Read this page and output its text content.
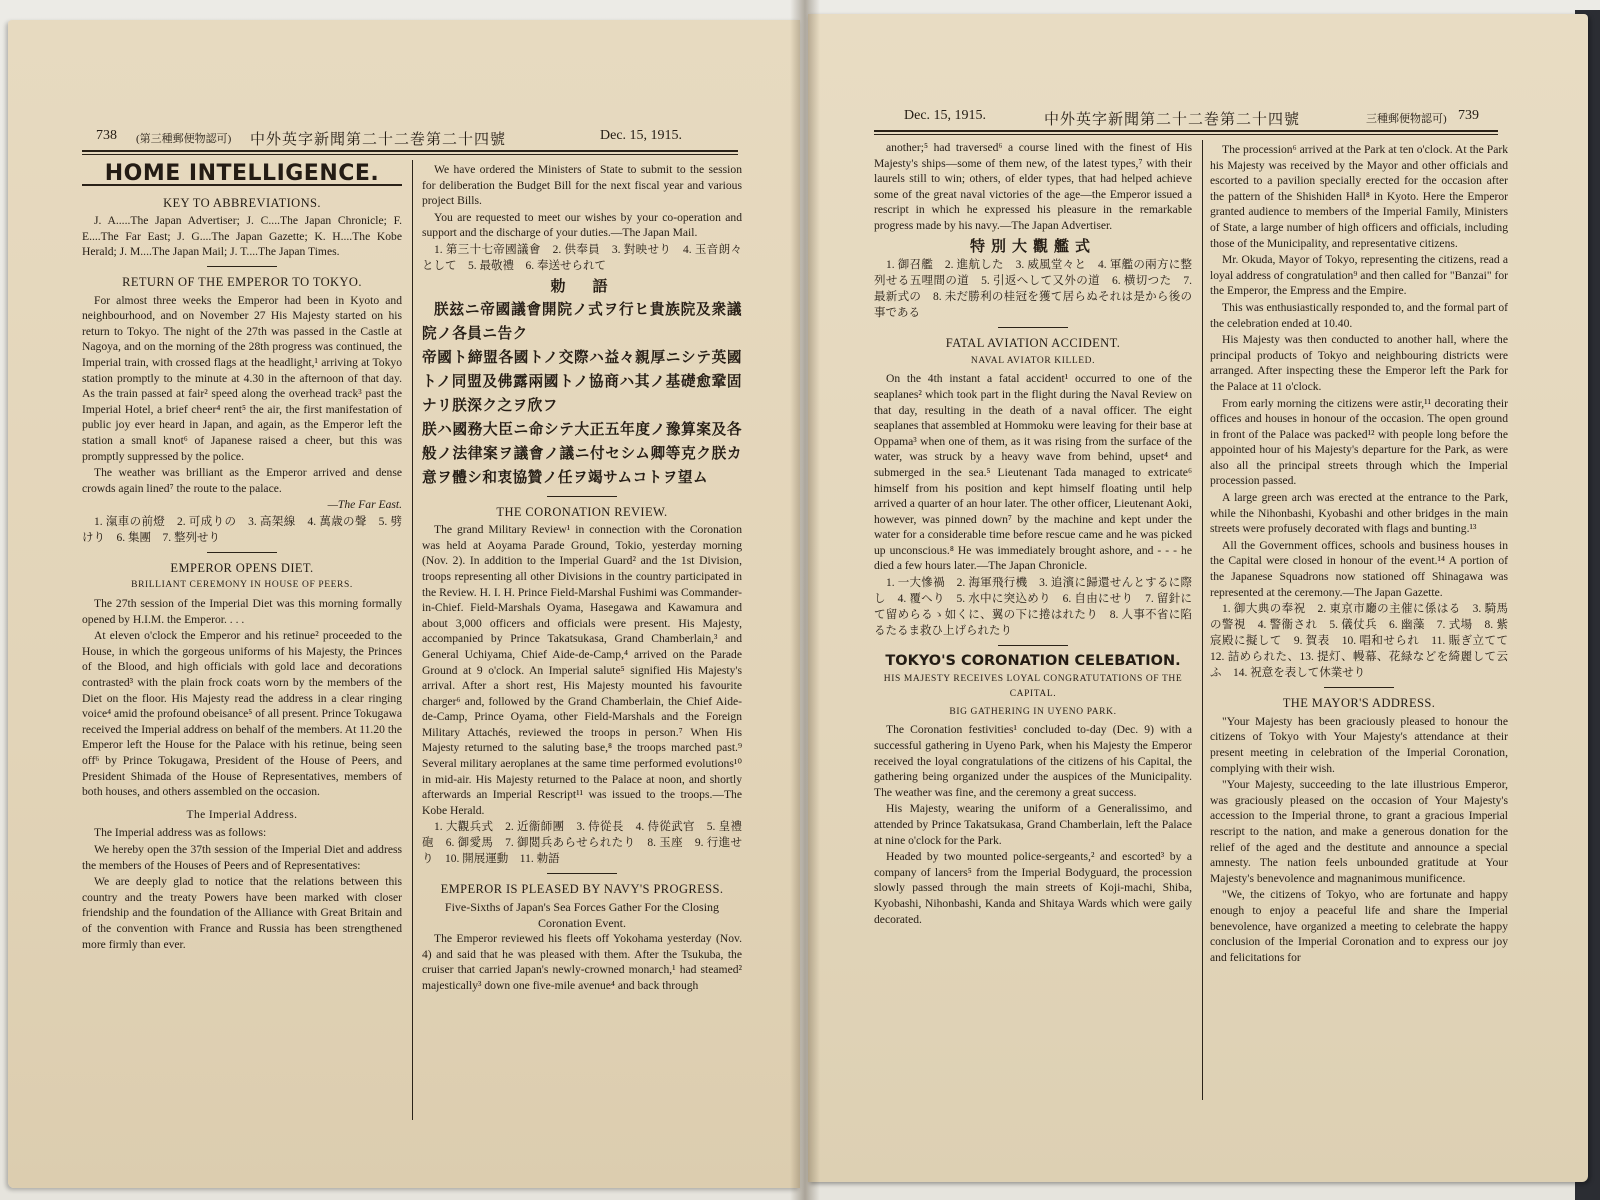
738 (第三種郵便物認可) 中外英字新聞第二十二巻第二十四號	Dec. 15, 1915.
HOME INTELLIGENCE.
KEY TO ABBREVIATIONS.

J. A.....The Japan Advertiser; J. C....The Japan Chronicle; F. E....The Far East; J. G....The Japan Gazette; K. H....The Kobe Herald; J. M....The Japan Mail; J. T....The Japan Times.

RETURN OF THE EMPEROR TO TOKYO.

For almost three weeks the Emperor had been in Kyoto and neighbourhood, and on November 27 His Majesty started on his return to Tokyo. The night of the 27th was passed in the Castle at Nagoya, and on the morning of the 28th progress was continued, the Imperial train, with crossed flags at the headlight,¹ arriving at Tokyo station promptly to the minute at 4.30 in the afternoon of that day. As the train passed at fair² speed along the overhead track³ past the Imperial Hotel, a brief cheer⁴ rent⁵ the air, the first manifestation of public joy ever heard in Japan, and again, as the Emperor left the station a small knot⁶ of Japanese raised a cheer, but this was promptly suppressed by the police.

The weather was brilliant as the Emperor arrived and dense crowds again lined⁷ the route to the palace.

—The Far East.

1. 滊車の前燈　2. 可成りの　3. 高架線　4. 萬歳の聲　5. 劈けり　6. 集團　7. 整列せり

EMPEROR OPENS DIET.
BRILLIANT CEREMONY IN HOUSE OF PEERS.

The 27th session of the Imperial Diet was this morning formally opened by H.I.M. the Emperor. . . .

At eleven o'clock the Emperor and his retinue² proceeded to the House, in which the gorgeous uniforms of his Majesty, the Princes of the Blood, and high officials with gold lace and decorations contrasted³ with the plain frock coats worn by the members of the Diet on the floor. His Majesty read the address in a clear ringing voice⁴ amid the profound obeisance⁵ of all present. Prince Tokugawa received the Imperial address on behalf of the members. At 11.20 the Emperor left the House for the Palace with his retinue, being seen off⁶ by Prince Tokugawa, President of the House of Peers, and President Shimada of the House of Representatives, members of both houses, and others assembled on the occasion.

The Imperial Address.

The Imperial address was as follows:

We hereby open the 37th session of the Imperial Diet and address the members of the Houses of Peers and of Representatives:

We are deeply glad to notice that the relations between this country and the treaty Powers have been marked with closer friendship and the foundation of the Alliance with Great Britain and of the convention with France and Russia has been strengthened more firmly than ever.

We have ordered the Ministers of State to submit to the session for deliberation the Budget Bill for the next fiscal year and various project Bills.

You are requested to meet our wishes by your co-operation and support and the discharge of your duties.—The Japan Mail.

1. 第三十七帝國議會　2. 供奉員　3. 對映せり　4. 玉音朗々として　5. 最敬禮　6. 奉送せられて

勅　語

朕玆ニ帝國議會開院ノ式ヲ行ヒ貴族院及衆議院ノ各員ニ告ク
帝國ト締盟各國トノ交際ハ益々親厚ニシテ英國トノ同盟及佛露兩國トノ協商ハ其ノ基礎愈鞏固ナリ朕深ク之ヲ欣フ
朕ハ國務大臣ニ命シテ大正五年度ノ豫算案及各般ノ法律案ヲ議會ノ議ニ付セシム卿等克ク朕カ意ヲ體シ和衷協贊ノ任ヲ竭サムコトヲ望ム

THE CORONATION REVIEW.

The grand Military Review¹ in connection with the Coronation was held at Aoyama Parade Ground, Tokio, yesterday morning (Nov. 2). In addition to the Imperial Guard² and the 1st Division, troops representing all other Divisions in the country participated in the Review. H. I. H. Prince Field-Marshal Fushimi was Commander-in-Chief. Field-Marshals Oyama, Hasegawa and Kawamura and about 3,000 officers and officials were present. His Majesty, accompanied by Prince Takatsukasa, Grand Chamberlain,³ and General Uchiyama, Chief Aide-de-Camp,⁴ arrived on the Parade Ground at 9 o'clock. An Imperial salute⁵ signified His Majesty's arrival. After a short rest, His Majesty mounted his favourite charger⁶ and, followed by the Grand Chamberlain, the Chief Aide-de-Camp, Prince Oyama, other Field-Marshals and the Foreign Military Attachés, reviewed the troops in person.⁷ When His Majesty returned to the saluting base,⁸ the troops marched past.⁹ Several military aeroplanes at the same time performed evolutions¹⁰ in mid-air. His Majesty returned to the Palace at noon, and shortly afterwards an Imperial Rescript¹¹ was issued to the troops.—The Kobe Herald.

1. 大觀兵式　2. 近衞師團　3. 侍從長　4. 侍從武官　5. 皇禮砲　6. 御愛馬　7. 御閲兵あらせられたり　8. 玉座　9. 行進せり　10. 開展運動　11. 勅語

EMPEROR IS PLEASED BY NAVY'S PROGRESS.
Five-Sixths of Japan's Sea Forces Gather For the Closing Coronation Event.

The Emperor reviewed his fleets off Yokohama yesterday (Nov. 4) and said that he was pleased with them. After the Tsukuba, the cruiser that carried Japan's newly-crowned monarch,¹ had steamed² majestically³ down one five-mile avenue⁴ and back through

Dec. 15, 1915.	中外英字新聞第二十二巻第二十四號	三種郵便物認可) 739

another;⁵ had traversed⁶ a course lined with the finest of His Majesty's ships—some of them new, of the latest types,⁷ with their laurels still to win; others, of elder types, that had helped achieve some of the great naval victories of the age—the Emperor issued a rescript in which he expressed his pleasure in the remarkable progress made by his navy.—The Japan Advertiser.

特別大觀艦式

1. 御召艦　2. 進航した　3. 威風堂々と　4. 軍艦の兩方に整列せる五哩間の道　5. 引返へして又外の道　6. 横切つた　7. 最新式の　8. 未だ勝利の桂冠を獲て居らぬそれは是から後の事である

FATAL AVIATION ACCIDENT.
NAVAL AVIATOR KILLED.

On the 4th instant a fatal accident¹ occurred to one of the seaplanes² which took part in the flight during the Naval Review on that day, resulting in the death of a naval officer. The eight seaplanes that assembled at Hommoku were leaving for their base at Oppama³ when one of them, as it was rising from the surface of the water, was struck by a heavy wave from behind, upset⁴ and submerged in the sea.⁵ Lieutenant Tada managed to extricate⁶ himself from his position and kept himself floating until help arrived a quarter of an hour later. The other officer, Lieutenant Aoki, however, was pinned down⁷ by the machine and kept under the water for a considerable time before rescue came and he was picked up unconscious.⁸ He was immediately brought ashore, and - - - he died a few hours later.—The Japan Chronicle.

1. 一大慘禍　2. 海軍飛行機　3. 追濱に歸還せんとするに際し　4. 覆へり　5. 水中に突込めり　6. 自由にせり　7. 留針にて留めらるゝ如くに、翼の下に捲はれたり　8. 人事不省に陷るたるま救ひ上げられたり

TOKYO'S CORONATION CELEBATION.
HIS MAJESTY RECEIVES LOYAL CONGRATUTATIONS OF THE CAPITAL.
BIG GATHERING IN UYENO PARK.

The Coronation festivities¹ concluded to-day (Dec. 9) with a successful gathering in Uyeno Park, when his Majesty the Emperor received the loyal congratulations of the citizens of his Capital, the gathering being organized under the auspices of the Municipality. The weather was fine, and the ceremony a great success.

His Majesty, wearing the uniform of a Generalissimo, and attended by Prince Takatsukasa, Grand Chamberlain, left the Palace at nine o'clock for the Park.

Headed by two mounted police-sergeants,² and escorted³ by a company of lancers⁵ from the Imperial Bodyguard, the procession slowly passed through the main streets of Koji-machi, Shiba, Kyobashi, Nihonbashi, Kanda and Shitaya Wards which were gaily decorated.

The procession⁶ arrived at the Park at ten o'clock. At the Park his Majesty was received by the Mayor and other officials and escorted to a pavilion specially erected for the occasion after the pattern of the Shishiden Hall⁸ in Kyoto. Here the Emperor granted audience to members of the Imperial Family, Ministers of State, a large number of high officers and officials, including those of the Municipality, and representative citizens.

Mr. Okuda, Mayor of Tokyo, representing the citizens, read a loyal address of congratulation⁹ and then called for "Banzai" for the Emperor, the Empress and the Empire.

This was enthusiastically responded to, and the formal part of the celebration ended at 10.40.

His Majesty was then conducted to another hall, where the principal products of Tokyo and neighbouring districts were arranged. After inspecting these the Emperor left the Park for the Palace at 11 o'clock.

From early morning the citizens were astir,¹¹ decorating their offices and houses in honour of the occasion. The open ground in front of the Palace was packed¹² with people long before the appointed hour of his Majesty's departure for the Park, as were also all the principal streets through which the Imperial procession passed.

A large green arch was erected at the entrance to the Park, while the Nihonbashi, Kyobashi and other bridges in the main streets were profusely decorated with flags and bunting.¹³

All the Government offices, schools and business houses in the Capital were closed in honour of the event.¹⁴ A portion of the Japanese Squadrons now stationed off Shinagawa was represented at the ceremony.—The Japan Gazette.

1. 御大典の奉祝　2. 東京市廳の主催に係はる　3. 騎馬の警視　4. 警衞され　5. 儀仗兵　6. 幽藻　7. 式場　8. 紫宸殿に擬して　9. 賀表　10. 唱和せられ　11. 賑ぎ立てて　12. 詰められた、13. 提灯、幔幕、花緑などを綺麗して云ふ　14. 祝意を表して休業せり

THE MAYOR'S ADDRESS.

"Your Majesty has been graciously pleased to honour the citizens of Tokyo with Your Majesty's attendance at their present meeting in celebration of the Imperial Coronation, complying with their wish.

"Your Majesty, succeeding to the late illustrious Emperor, was graciously pleased on the occasion of Your Majesty's accession to the Imperial throne, to grant a gracious Imperial rescript to the nation, and make a generous donation for the relief of the aged and the destitute and announce a special amnesty. The nation feels unbounded gratitude at Your Majesty's benevolence and magnanimous munificence.

"We, the citizens of Tokyo, who are fortunate and happy enough to enjoy a peaceful life and share the Imperial benevolence, have organized a meeting to celebrate the happy conclusion of the Imperial Coronation and to express our joy and felicitations for
